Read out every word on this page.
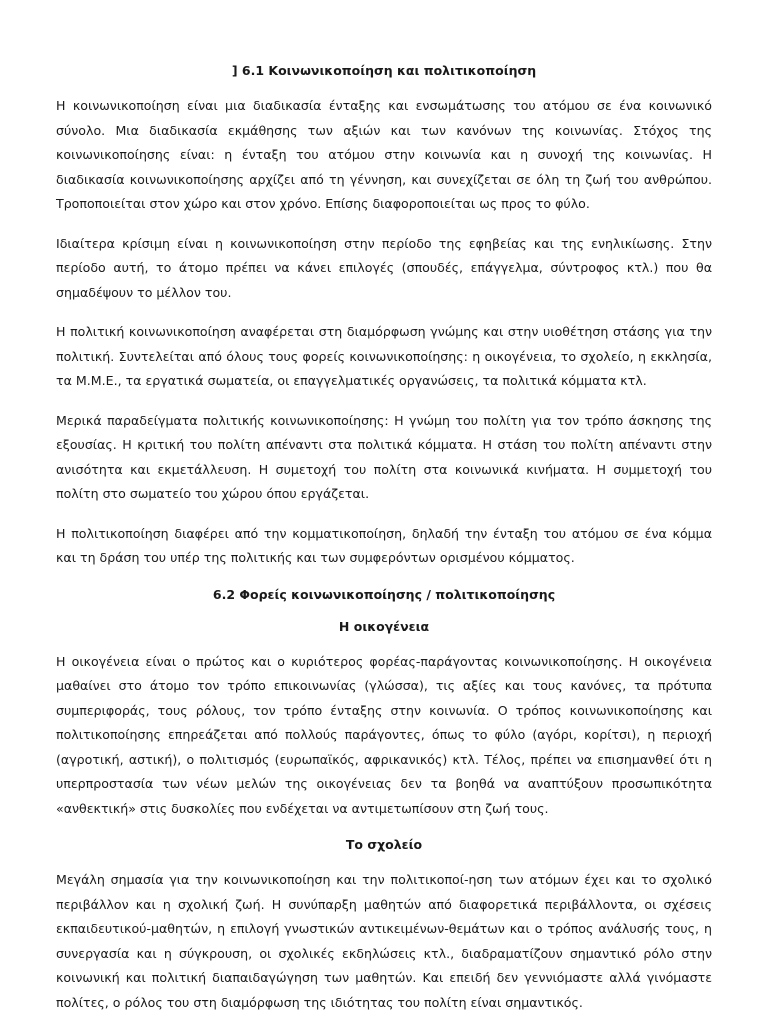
] 6.1 Κοινωνικοποίηση και πολιτικοποίηση

Η κοινωνικοποίηση είναι μια διαδικασία ένταξης και ενσωμάτωσης του ατόμου σε ένα κοινωνικό σύνολο. Μια διαδικασία εκμάθησης των αξιών και των κανόνων της κοινωνίας. Στόχος της κοινωνικοποίησης είναι: η ένταξη του ατόμου στην κοινωνία και η συνοχή της κοινωνίας. Η διαδικασία κοινωνικοποίησης αρχίζει από τη γέννηση, και συνεχίζεται σε όλη τη ζωή του ανθρώπου. Τροποποιείται στον χώρο και στον χρόνο. Επίσης διαφοροποιείται ως προς το φύλο.

Ιδιαίτερα κρίσιμη είναι η κοινωνικοποίηση στην περίοδο της εφηβείας και της ενηλικίωσης. Στην περίοδο αυτή, το άτομο πρέπει να κάνει επιλογές (σπουδές, επάγγελμα, σύντροφος κτλ.) που θα σημαδέψουν το μέλλον του.

Η πολιτική κοινωνικοποίηση αναφέρεται στη διαμόρφωση γνώμης και στην υιοθέτηση στάσης για την πολιτική. Συντελείται από όλους τους φορείς κοινωνικοποίησης: η οικογένεια, το σχολείο, η εκκλησία, τα Μ.Μ.Ε., τα εργατικά σωματεία, οι επαγγελματικές οργανώσεις, τα πολιτικά κόμματα κτλ.

Μερικά παραδείγματα πολιτικής κοινωνικοποίησης: Η γνώμη του πολίτη για τον τρόπο άσκησης της εξουσίας. Η κριτική του πολίτη απέναντι στα πολιτικά κόμματα. Η στάση του πολίτη απέναντι στην ανισότητα και εκμετάλλευση. Η συμετοχή του πολίτη στα κοινωνικά κινήματα. Η συμμετοχή του πολίτη στο σωματείο του χώρου όπου εργάζεται.

Η πολιτικοποίηση διαφέρει από την κομματικοποίηση, δηλαδή την ένταξη του ατόμου σε ένα κόμμα και τη δράση του υπέρ της πολιτικής και των συμφερόντων ορισμένου κόμματος.

6.2 Φορείς κοινωνικοποίησης / πολιτικοποίησης
Η οικογένεια

Η οικογένεια είναι ο πρώτος και ο κυριότερος φορέας-παράγοντας κοινωνικοποίησης. Η οικογένεια μαθαίνει στο άτομο τον τρόπο επικοινωνίας (γλώσσα), τις αξίες και τους κανόνες, τα πρότυπα συμπεριφοράς, τους ρόλους, τον τρόπο ένταξης στην κοινωνία. Ο τρόπος κοινωνικοποίησης και πολιτικοποίησης επηρεάζεται από πολλούς παράγοντες, όπως το φύλο (αγόρι, κορίτσι), η περιοχή (αγροτική, αστική), ο πολιτισμός (ευρωπαϊκός, αφρικανικός) κτλ. Τέλος, πρέπει να επισημανθεί ότι η υπερπροστασία των νέων μελών της οικογένειας δεν τα βοηθά να αναπτύξουν προσωπικότητα «ανθεκτική» στις δυσκολίες που ενδέχεται να αντιμετωπίσουν στη ζωή τους.

Το σχολείο

Μεγάλη σημασία για την κοινωνικοποίηση και την πολιτικοποί-ηση των ατόμων έχει και το σχολικό περιβάλλον και η σχολική ζωή. Η συνύπαρξη μαθητών από διαφορετικά περιβάλλοντα, οι σχέσεις εκπαιδευτικού-μαθητών, η επιλογή γνωστικών αντικειμένων-θεμάτων και ο τρόπος ανάλυσής τους, η συνεργασία και η σύγκρουση, οι σχολικές εκδηλώσεις κτλ., διαδραματίζουν σημαντικό ρόλο στην κοινωνική και πολιτική διαπαιδαγώγηση των μαθητών. Και επειδή δεν γεννιόμαστε αλλά γινόμαστε πολίτες, ο ρόλος του στη διαμόρφωση της ιδιότητας του πολίτη είναι σημαντικός.
